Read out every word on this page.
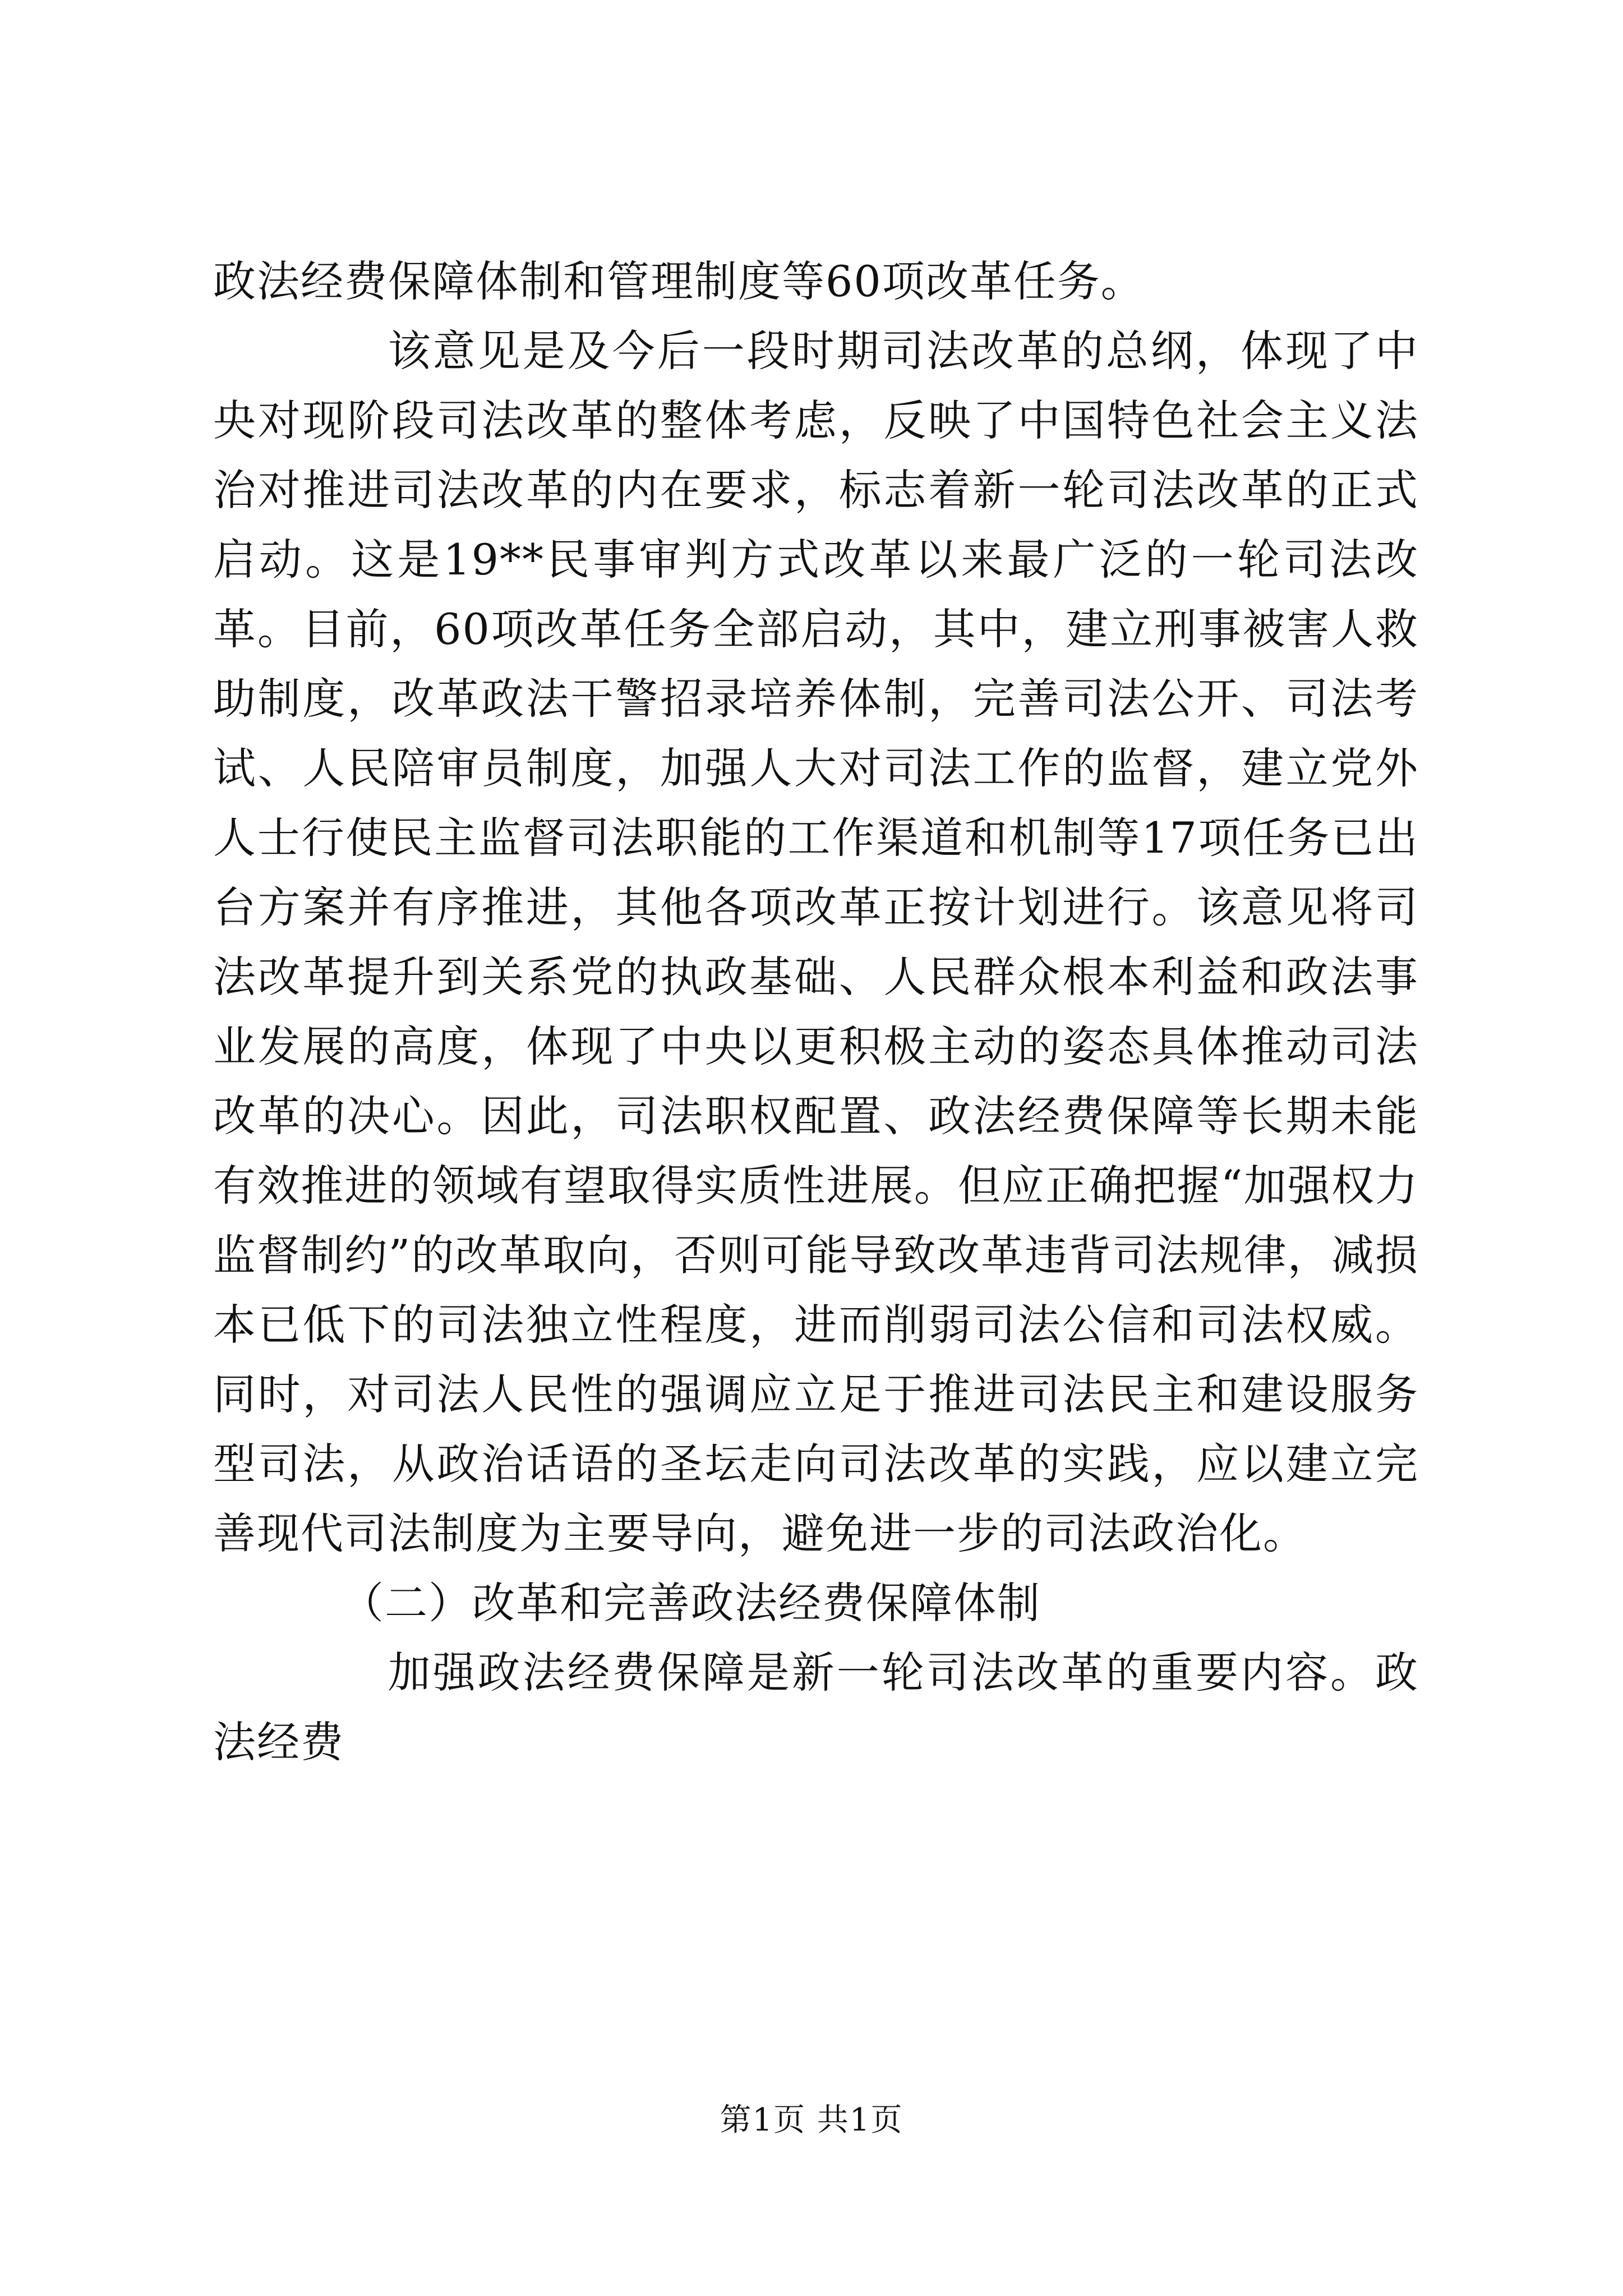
政法经费保障体制和管理制度等60项改革任务。

该意见是及今后一段时期司法改革的总纲，体现了中央对现阶段司法改革的整体考虑，反映了中国特色社会主义法治对推进司法改革的内在要求，标志着新一轮司法改革的正式启动。这是19**民事审判方式改革以来最广泛的一轮司法改革。目前，60项改革任务全部启动，其中，建立刑事被害人救助制度，改革政法干警招录培养体制，完善司法公开、司法考试、人民陪审员制度，加强人大对司法工作的监督，建立党外人士行使民主监督司法职能的工作渠道和机制等17项任务已出台方案并有序推进，其他各项改革正按计划进行。该意见将司法改革提升到关系党的执政基础、人民群众根本利益和政法事业发展的高度，体现了中央以更积极主动的姿态具体推动司法改革的决心。因此，司法职权配置、政法经费保障等长期未能有效推进的领域有望取得实质性进展。但应正确把握“加强权力监督制约”的改革取向，否则可能导致改革违背司法规律，减损本已低下的司法独立性程度，进而削弱司法公信和司法权威。同时，对司法人民性的强调应立足于推进司法民主和建设服务型司法，从政治话语的圣坛走向司法改革的实践，应以建立完善现代司法制度为主要导向，避免进一步的司法政治化。

（二）改革和完善政法经费保障体制

加强政法经费保障是新一轮司法改革的重要内容。政法经费

第1页 共1页
